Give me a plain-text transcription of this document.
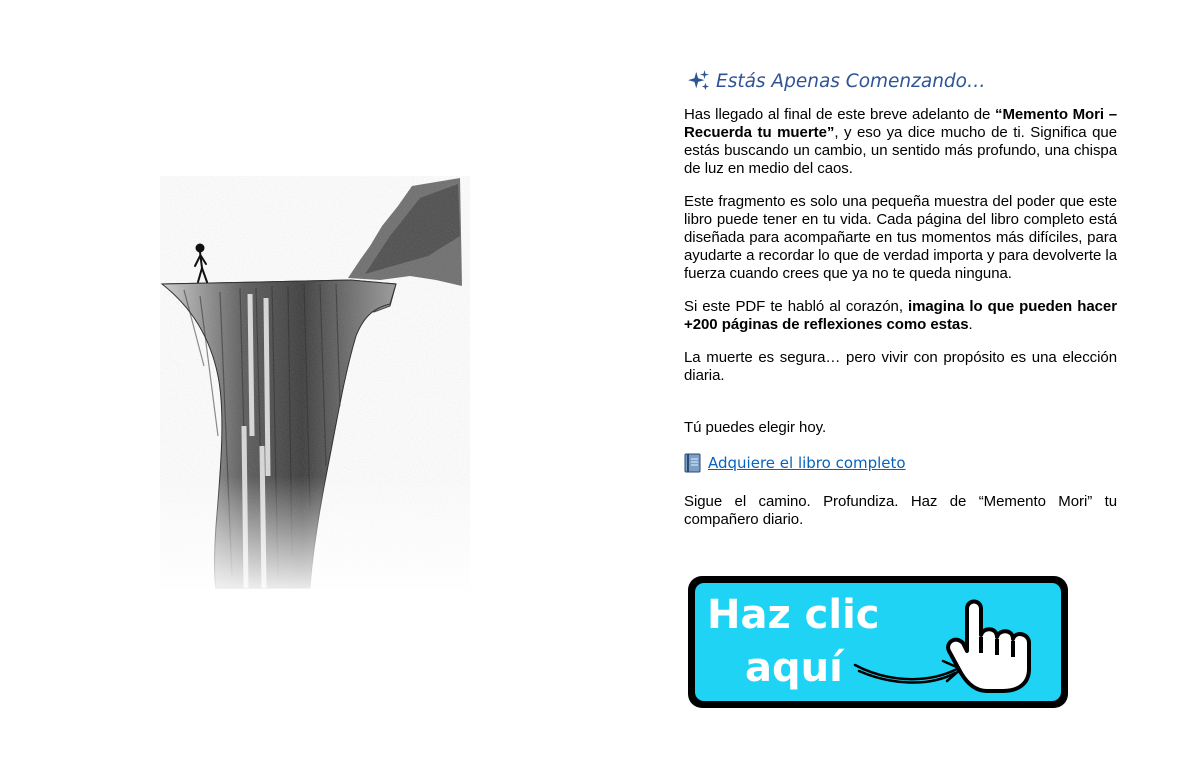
Estás Apenas Comenzando…

Has llegado al final de este breve adelanto de “Memento Mori – Recuerda tu muerte”, y eso ya dice mucho de ti. Significa que estás buscando un cambio, un sentido más profundo, una chispa de luz en medio del caos.

Este fragmento es solo una pequeña muestra del poder que este libro puede tener en tu vida. Cada página del libro completo está diseñada para acompañarte en tus momentos más difíciles, para ayudarte a recordar lo que de verdad importa y para devolverte la fuerza cuando crees que ya no te queda ninguna.

Si este PDF te habló al corazón, imagina lo que pueden hacer +200 páginas de reflexiones como estas.

La muerte es segura… pero vivir con propósito es una elección diaria.

Tú puedes elegir hoy.

Adquiere el libro completo

Sigue el camino. Profundiza. Haz de “Memento Mori” tu compañero diario.

Haz clic
aquí
